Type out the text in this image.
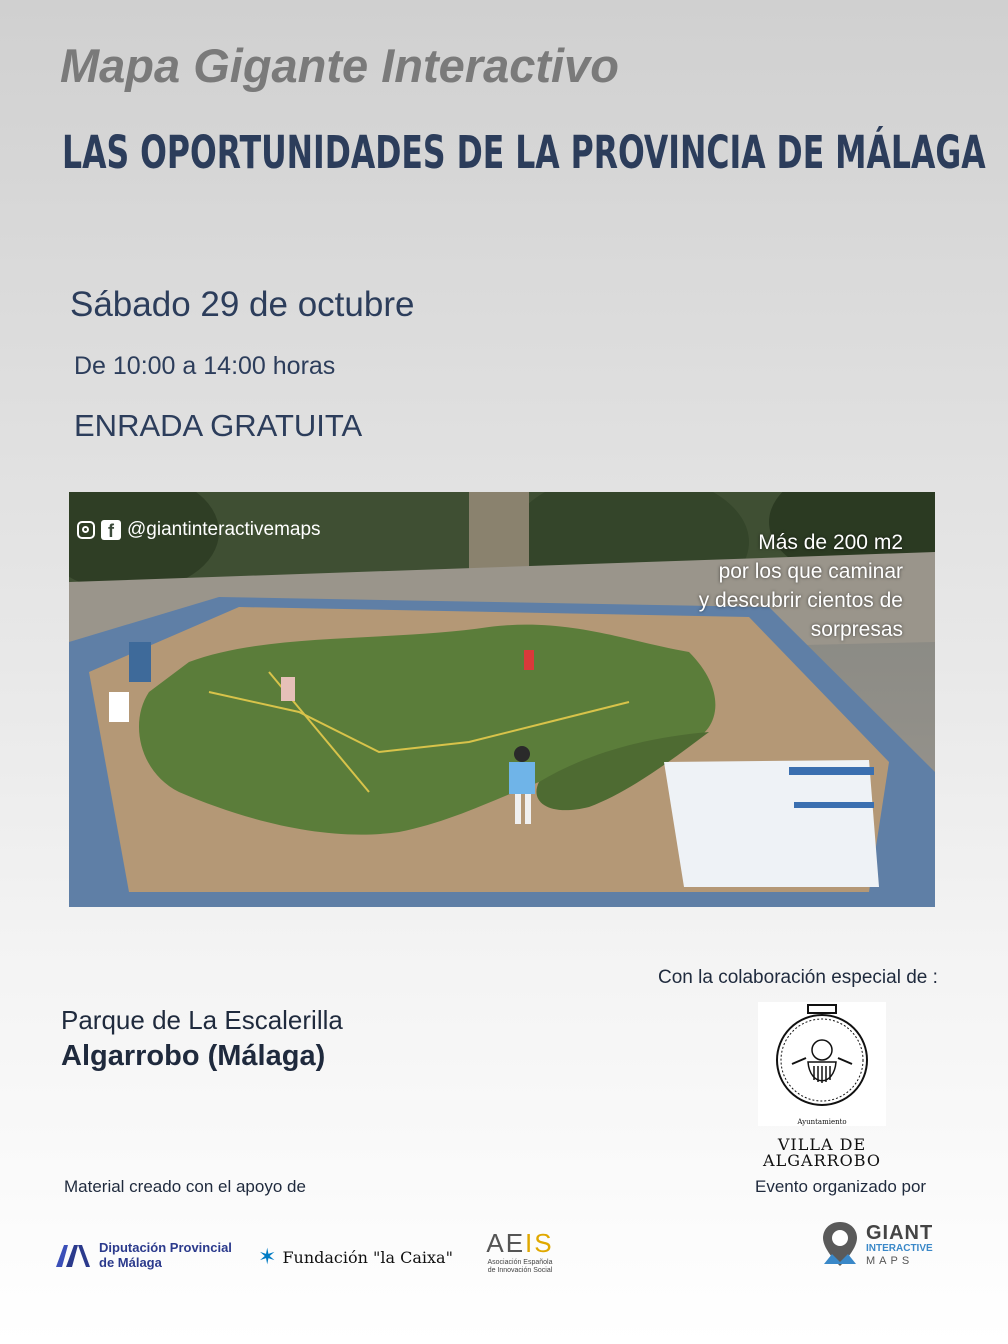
Mapa Gigante Interactivo
LAS OPORTUNIDADES DE LA PROVINCIA DE MÁLAGA
Sábado 29 de octubre
De 10:00 a 14:00 horas
ENRADA GRATUITA
f @giantinteractivemaps
Más de 200 m2
por los que caminar
y descubrir cientos de
sorpresas
Con la colaboración especial de :
Parque de La Escalerilla
Algarrobo (Málaga)
Ayuntamiento
VILLA DE
ALGARROBO
Material creado con el apoyo de	Evento organizado por
Diputación Provincial
de Málaga	✶ Fundación "la Caixa" AEIS
Asociación Española
de Innovación Social
GIANT
INTERACTIVE
MAPS
